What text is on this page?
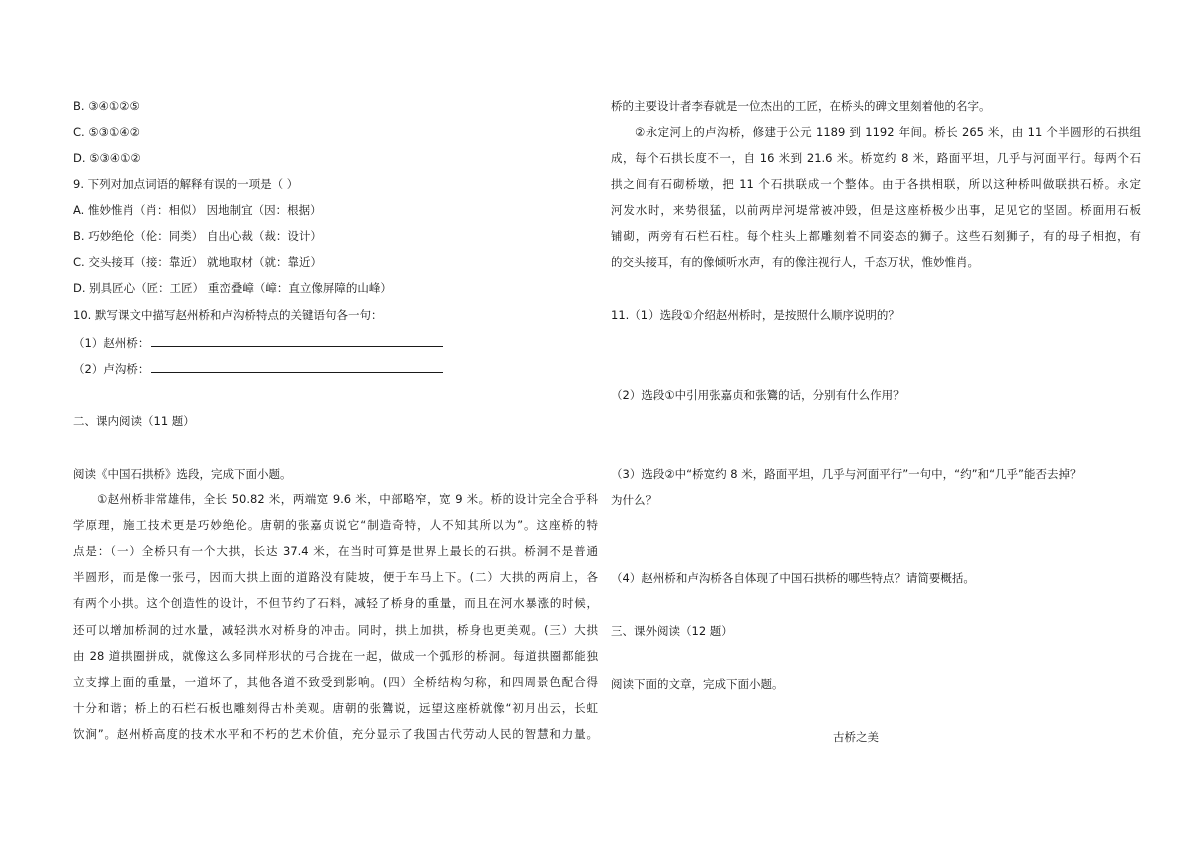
B. ③④①②⑤
C. ⑤③①④②
D. ⑤③④①②
9. 下列对加点词语的解释有误的一项是（ ）
A. 惟妙惟肖（肖：相似） 因地制宜（因：根据）
B. 巧妙绝伦（伦：同类） 自出心裁（裁：设计）
C. 交头接耳（接：靠近） 就地取材（就：靠近）
D. 别具匠心（匠：工匠） 重峦叠嶂（嶂：直立像屏障的山峰）
10. 默写课文中描写赵州桥和卢沟桥特点的关键语句各一句：
（1）赵州桥：
（2）卢沟桥：
二、课内阅读（11 题）
阅读《中国石拱桥》选段，完成下面小题。
①赵州桥非常雄伟，全长 50.82 米，两端宽 9.6 米，中部略窄，宽 9 米。桥的设计完全合乎科
学原理，施工技术更是巧妙绝伦。唐朝的张嘉贞说它“制造奇特，人不知其所以为”。这座桥的特
点是：（一）全桥只有一个大拱，长达 37.4 米，在当时可算是世界上最长的石拱。桥洞不是普通
半圆形，而是像一张弓，因而大拱上面的道路没有陡坡，便于车马上下。(二）大拱的两肩上，各
有两个小拱。这个创造性的设计，不但节约了石料，减轻了桥身的重量，而且在河水暴涨的时候，
还可以增加桥洞的过水量，减轻洪水对桥身的冲击。同时，拱上加拱，桥身也更美观。(三）大拱
由 28 道拱圈拼成，就像这么多同样形状的弓合拢在一起，做成一个弧形的桥洞。每道拱圈都能独
立支撑上面的重量，一道坏了，其他各道不致受到影响。(四）全桥结构匀称，和四周景色配合得
十分和谐；桥上的石栏石板也雕刻得古朴美观。唐朝的张鷟说，远望这座桥就像“初月出云，长虹
饮涧”。赵州桥高度的技术水平和不朽的艺术价值，充分显示了我国古代劳动人民的智慧和力量。
桥的主要设计者李春就是一位杰出的工匠，在桥头的碑文里刻着他的名字。
②永定河上的卢沟桥，修建于公元 1189 到 1192 年间。桥长 265 米，由 11 个半圆形的石拱组
成，每个石拱长度不一，自 16 米到 21.6 米。桥宽约 8 米，路面平坦，几乎与河面平行。每两个石
拱之间有石砌桥墩，把 11 个石拱联成一个整体。由于各拱相联，所以这种桥叫做联拱石桥。永定
河发水时，来势很猛，以前两岸河堤常被冲毁，但是这座桥极少出事，足见它的坚固。桥面用石板
铺砌，两旁有石栏石柱。每个柱头上都雕刻着不同姿态的狮子。这些石刻狮子，有的母子相抱，有
的交头接耳，有的像倾听水声，有的像注视行人，千态万状，惟妙惟肖。
11.（1）选段①介绍赵州桥时，是按照什么顺序说明的？
（2）选段①中引用张嘉贞和张鷟的话，分别有什么作用？
（3）选段②中“桥宽约 8 米，路面平坦，几乎与河面平行”一句中，“约”和“几乎”能否去掉？
为什么？
（4）赵州桥和卢沟桥各自体现了中国石拱桥的哪些特点？请简要概括。
三、课外阅读（12 题）
阅读下面的文章，完成下面小题。
古桥之美
